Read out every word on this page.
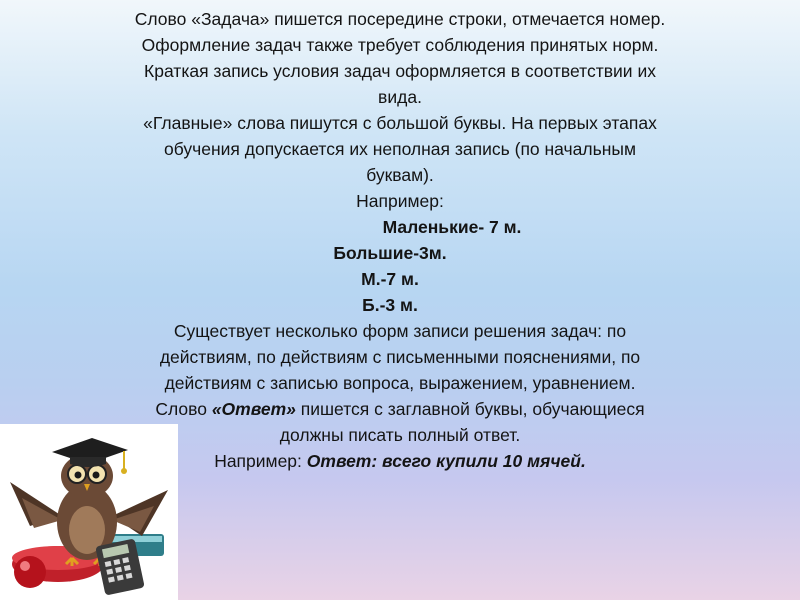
Слово «Задача» пишется посередине строки, отмечается номер.

Оформление задач также требует соблюдения принятых норм.

Краткая запись условия задач оформляется в соответствии их

вида.

«Главные» слова пишутся с большой буквы. На первых этапах

обучения допускается их неполная запись (по начальным

буквам).

Например:

Маленькие- 7 м.

Большие-3м.

М.-7 м.

Б.-3 м.

Существует несколько форм записи решения задач: по

действиям, по действиям с письменными пояснениями, по

действиям с записью вопроса, выражением, уравнением.

Слово «Ответ» пишется с заглавной буквы, обучающиеся

должны писать полный ответ.

Например: Ответ: всего купили 10 мячей.
